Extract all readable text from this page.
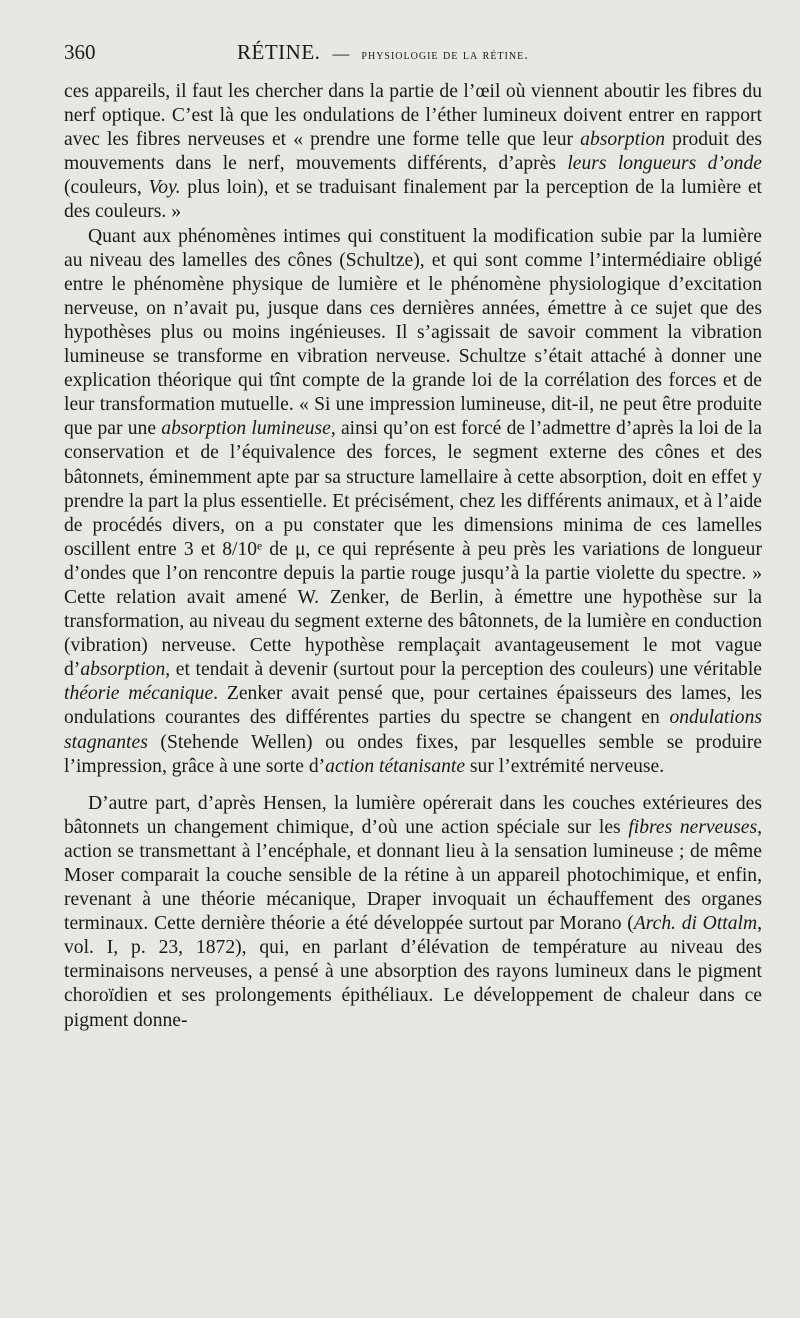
360	RÉTINE. — physiologie de la rétine.

ces appareils, il faut les chercher dans la partie de l’œil où viennent aboutir les fibres du nerf optique. C’est là que les ondulations de l’éther lumineux doivent entrer en rapport avec les fibres nerveuses et « prendre une forme telle que leur absorption produit des mouvements dans le nerf, mouvements différents, d’après leurs longueurs d’onde (couleurs, Voy. plus loin), et se traduisant finalement par la perception de la lumière et des couleurs. »

Quant aux phénomènes intimes qui constituent la modification subie par la lumière au niveau des lamelles des cônes (Schultze), et qui sont comme l’intermédiaire obligé entre le phénomène physique de lumière et le phénomène physiologique d’excitation nerveuse, on n’avait pu, jusque dans ces dernières années, émettre à ce sujet que des hypothèses plus ou moins ingénieuses. Il s’agissait de savoir comment la vibration lumineuse se transforme en vibration nerveuse. Schultze s’était attaché à donner une explication théorique qui tînt compte de la grande loi de la corrélation des forces et de leur transformation mutuelle. « Si une impression lumineuse, dit-il, ne peut être produite que par une absorption lumineuse, ainsi qu’on est forcé de l’admettre d’après la loi de la conservation et de l’équivalence des forces, le segment externe des cônes et des bâtonnets, éminemment apte par sa structure lamellaire à cette absorption, doit en effet y prendre la part la plus essentielle. Et précisément, chez les différents animaux, et à l’aide de procédés divers, on a pu constater que les dimensions minima de ces lamelles oscillent entre 3 et 8/10ᵉ de μ, ce qui représente à peu près les variations de longueur d’ondes que l’on rencontre depuis la partie rouge jusqu’à la partie violette du spectre. » Cette relation avait amené W. Zenker, de Berlin, à émettre une hypothèse sur la transformation, au niveau du segment externe des bâtonnets, de la lumière en conduction (vibration) nerveuse. Cette hypothèse remplaçait avantageusement le mot vague d’absorption, et tendait à devenir (surtout pour la perception des couleurs) une véritable théorie mécanique. Zenker avait pensé que, pour certaines épaisseurs des lames, les ondulations courantes des différentes parties du spectre se changent en ondulations stagnantes (Stehende Wellen) ou ondes fixes, par lesquelles semble se produire l’impression, grâce à une sorte d’action tétanisante sur l’extrémité nerveuse.

D’autre part, d’après Hensen, la lumière opérerait dans les couches extérieures des bâtonnets un changement chimique, d’où une action spéciale sur les fibres nerveuses, action se transmettant à l’encéphale, et donnant lieu à la sensation lumineuse ; de même Moser comparait la couche sensible de la rétine à un appareil photochimique, et enfin, revenant à une théorie mécanique, Draper invoquait un échauffement des organes terminaux. Cette dernière théorie a été développée surtout par Morano (Arch. di Ottalm, vol. I, p. 23, 1872), qui, en parlant d’élévation de température au niveau des terminaisons nerveuses, a pensé à une absorption des rayons lumineux dans le pigment choroïdien et ses prolongements épithéliaux. Le développement de chaleur dans ce pigment donne-
